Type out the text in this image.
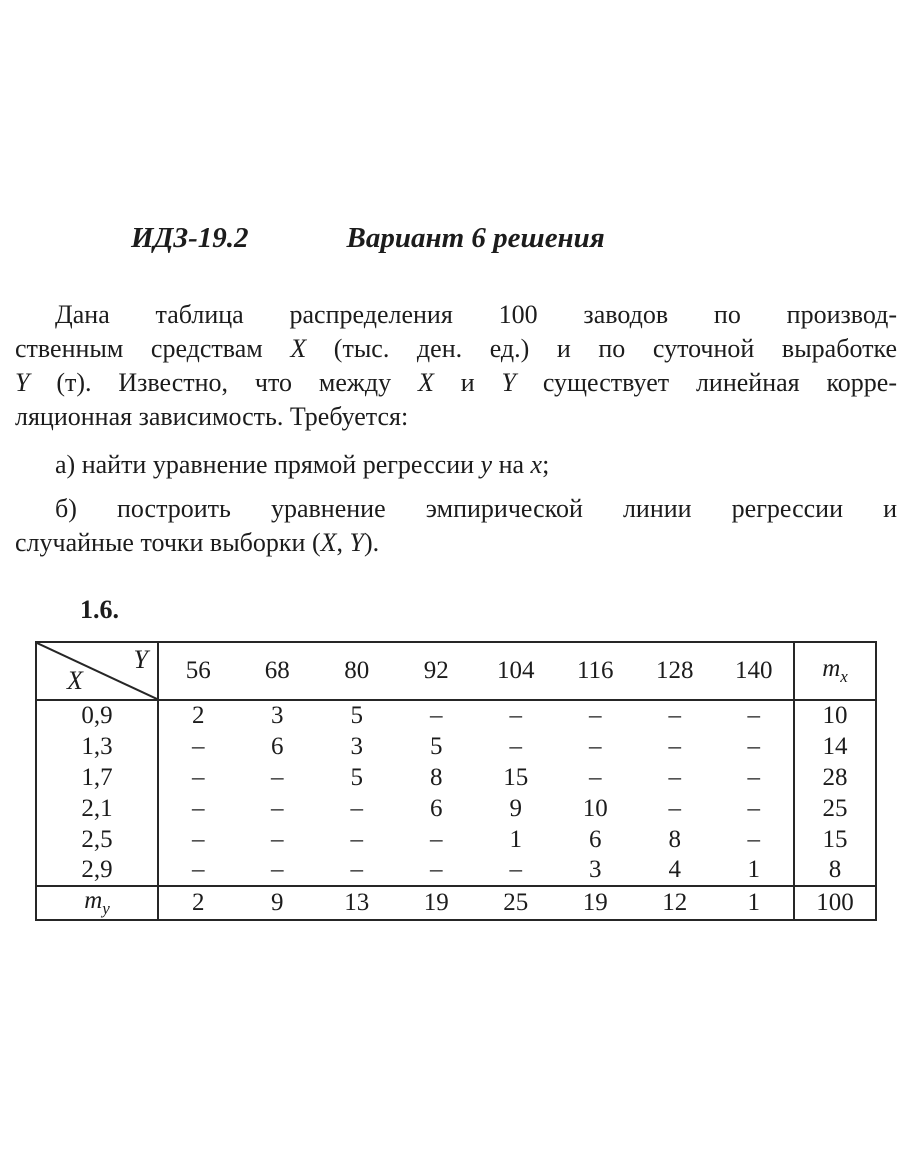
ИДЗ-19.2	Вариант 6 решения
Дана таблица распределения 100 заводов по производ-
ственным средствам X (тыс. ден. ед.) и по суточной выработке
Y (т). Известно, что между X и Y существует линейная корре-
ляционная зависимость. Требуется:
а) найти уравнение прямой регрессии y на x;
б) построить уравнение эмпирической линии регрессии и
случайные точки выборки (X, Y).
1.6.
Y
X	56	68	80	92	104	116	128	140	$m_x$
0,9	2	3	5	–	–	–	–	–	10
1,3	–	6	3	5	–	–	–	–	14
1,7	–	–	5	8	15	–	–	–	28
2,1	–	–	–	6	9	10	–	–	25
2,5	–	–	–	–	1	6	8	–	15
2,9	–	–	–	–	–	3	4	1	8
$m_y$	2	9	13	19	25	19	12	1	100
